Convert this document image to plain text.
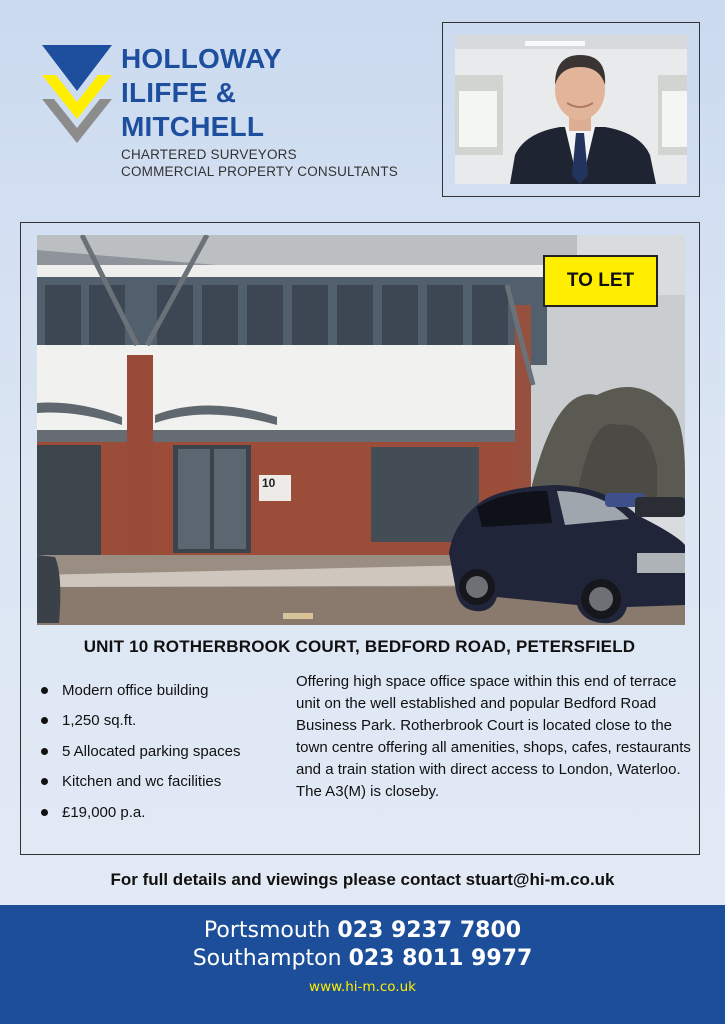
HOLLOWAY
ILIFFE &
MITCHELL
CHARTERED SURVEYORS
COMMERCIAL PROPERTY CONSULTANTS
10
TO LET
UNIT 10 ROTHERBROOK COURT, BEDFORD ROAD, PETERSFIELD
Modern office building
1,250 sq.ft.
5 Allocated parking spaces
Kitchen and wc facilities
£19,000 p.a.
Offering high space office space within this end of terrace unit on the well established and popular Bedford Road Business Park. Rotherbrook Court is located close to the town centre offering all amenities, shops, cafes, restaurants and a train station with direct access to London, Waterloo. The A3(M) is closeby.
For full details and viewings please contact stuart@hi-m.co.uk
Portsmouth 023 9237 7800
Southampton 023 8011 9977
www.hi-m.co.uk
